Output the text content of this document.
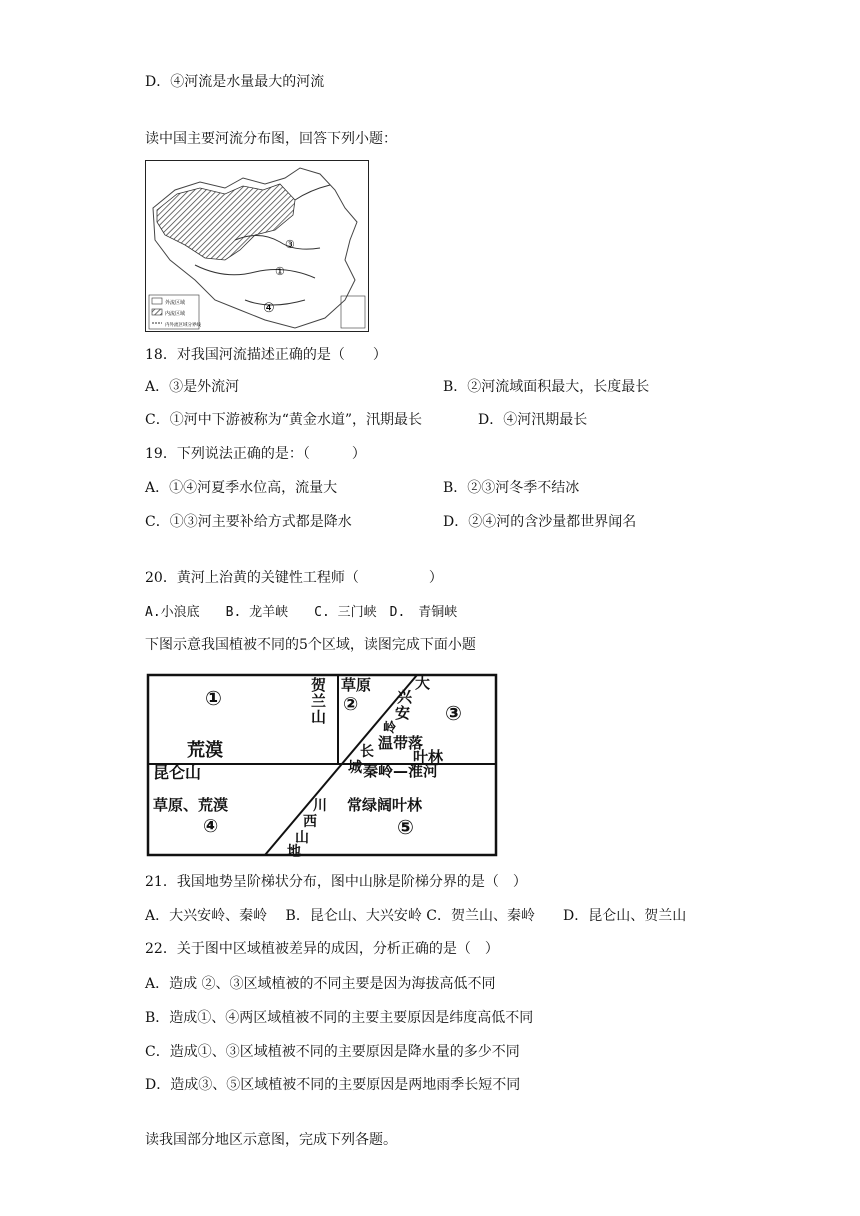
D．④河流是水量最大的河流
读中国主要河流分布图，回答下列小题：
③
①
④
外流区域
内流区域
内外流区域分界线
18．对我国河流描述正确的是（　　）
A．③是外流河	B．②河流域面积最大，长度最长
C．①河中下游被称为“黄金水道”，汛期最长	D．④河汛期最长
19．下列说法正确的是：（　　　）
A．①④河夏季水位高，流量大	B．②③河冬季不结冰
C．①③河主要补给方式都是降水	D．②④河的含沙量都世界闻名
20．黄河上治黄的关键性工程师（　　　　　）
A.小浪底　　B. 龙羊峡　　C. 三门峡　D.　青铜峡
下图示意我国植被不同的5个区域，读图完成下面小题
①
荒漠
贺
兰
山
草原
②
大
兴
安
岭
③
温带落
叶林
长
城
昆仑山	秦岭—淮河
草原、荒漠
④
常绿阔叶林
⑤
川
西
山
地
21．我国地势呈阶梯状分布，图中山脉是阶梯分界的是（　）
A．大兴安岭、秦岭　 B．昆仑山、大兴安岭 C．贺兰山、秦岭　　D．昆仑山、贺兰山
22．关于图中区域植被差异的成因，分析正确的是（　）
A．造成 ②、③区域植被的不同主要是因为海拔高低不同
B．造成①、④两区域植被不同的主要主要原因是纬度高低不同
C．造成①、③区域植被不同的主要原因是降水量的多少不同
D．造成③、⑤区域植被不同的主要原因是两地雨季长短不同
读我国部分地区示意图，完成下列各题。
